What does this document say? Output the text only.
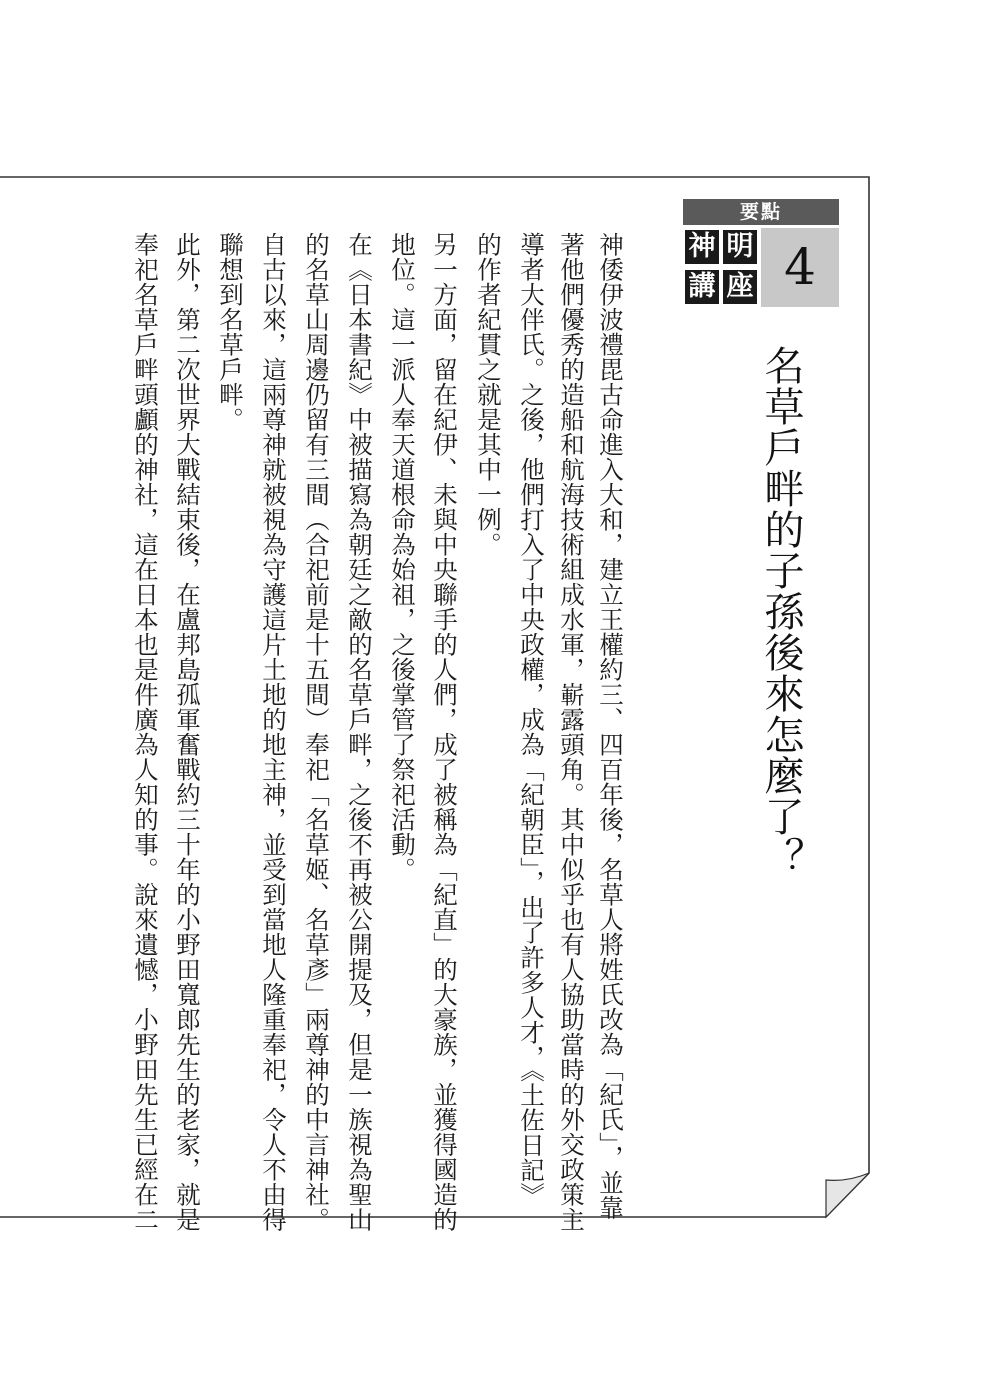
要點
明
神
座
講	4
名草戶畔的子孫後來怎麼了？
神倭伊波禮毘古命進入大和，建立王權約三、四百年後，名草人將姓氏改為「紀氏」，並靠
著他們優秀的造船和航海技術組成水軍，嶄露頭角。其中似乎也有人協助當時的外交政策主
導者大伴氏。之後，他們打入了中央政權，成為「紀朝臣」，出了許多人才，《土佐日記》
的作者紀貫之就是其中一例。
另一方面，留在紀伊、未與中央聯手的人們，成了被稱為「紀直」的大豪族，並獲得國造的
地位。這一派人奉天道根命為始祖，之後掌管了祭祀活動。
在《日本書紀》中被描寫為朝廷之敵的名草戶畔，之後不再被公開提及，但是一族視為聖山
的名草山周邊仍留有三間（合祀前是十五間）奉祀「名草姬、名草彥」兩尊神的中言神社。
自古以來，這兩尊神就被視為守護這片土地的地主神，並受到當地人隆重奉祀，令人不由得
聯想到名草戶畔。
此外，第二次世界大戰結束後，在盧邦島孤軍奮戰約三十年的小野田寬郎先生的老家，就是
奉祀名草戶畔頭顱的神社，這在日本也是件廣為人知的事。說來遺憾，小野田先生已經在二
